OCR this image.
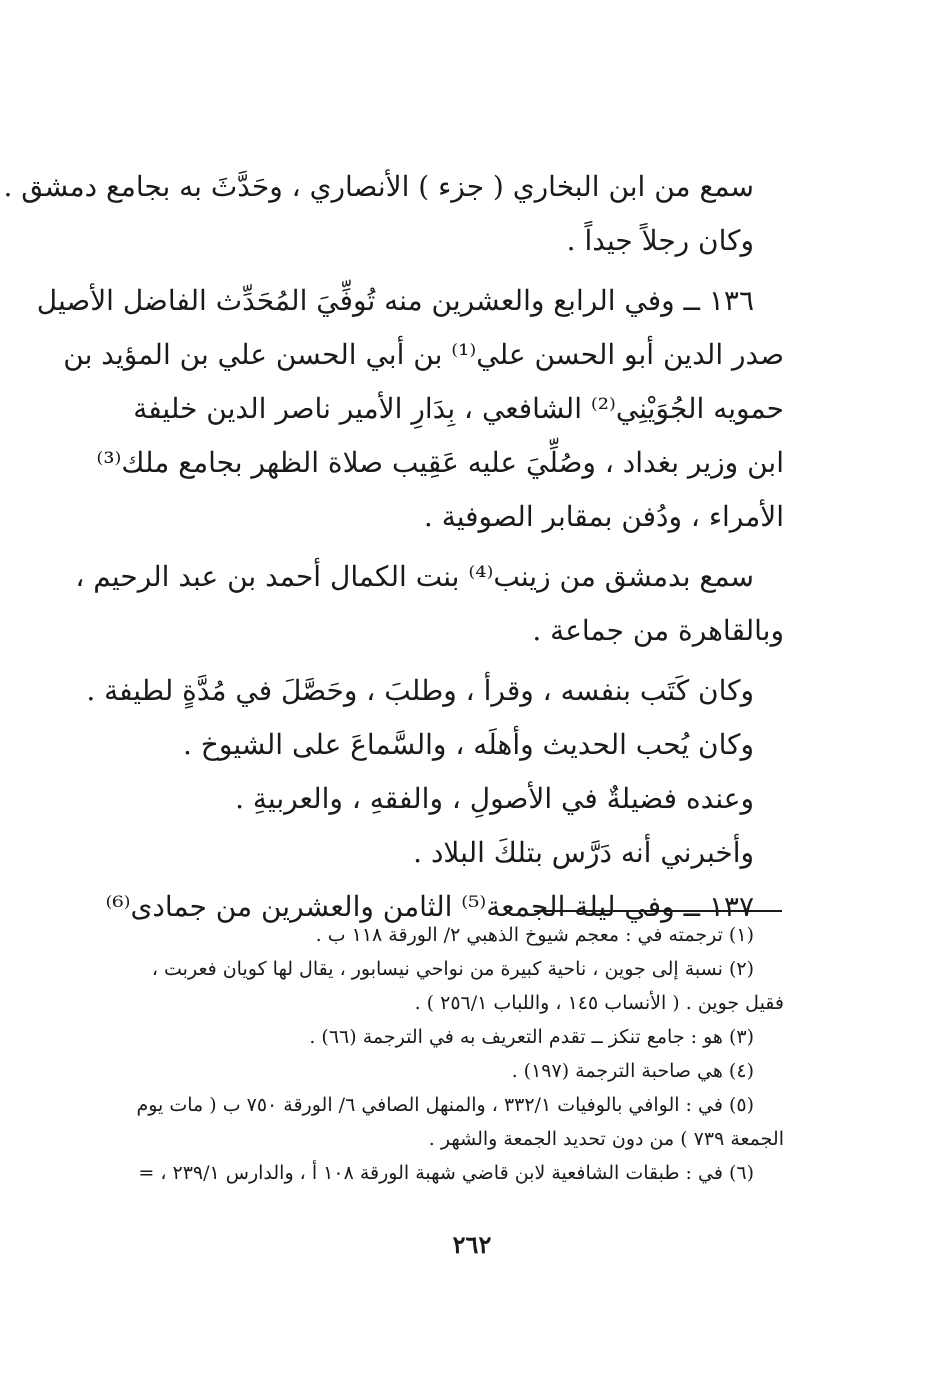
سمع من ابن البخاري ( جزء ) الأنصاري ، وحَدَّثَ به بجامع دمشق .
وكان رجلاً جيداً .
١٣٦ ــ وفي الرابع والعشرين منه تُوفِّيَ المُحَدِّث الفاضل الأصيل
صدر الدين أبو الحسن علي⁽¹⁾ بن أبي الحسن علي بن المؤيد بن
حمويه الجُوَيْنِي⁽²⁾ الشافعي ، بِدَارِ الأمير ناصر الدين خليفة
ابن وزير بغداد ، وصُلِّيَ عليه عَقِيب صلاة الظهر بجامع ملك⁽³⁾
الأمراء ، ودُفن بمقابر الصوفية .
سمع بدمشق من زينب⁽⁴⁾ بنت الكمال أحمد بن عبد الرحيم ،
وبالقاهرة من جماعة .
وكان كَتَب بنفسه ، وقرأ ، وطلبَ ، وحَصَّلَ في مُدَّةٍ لطيفة .
وكان يُحب الحديث وأهلَه ، والسَّماعَ على الشيوخ .
وعنده فضيلةٌ في الأصولِ ، والفقهِ ، والعربيةِ .
وأخبرني أنه دَرَّس بتلكَ البلاد .
١٣٧ ــ وفي ليلة الجمعة⁽⁵⁾ الثامن والعشرين من جمادى⁽⁶⁾
(١) ترجمته في : معجم شيوخ الذهبي ٢/ الورقة ١١٨ ب .
(٢) نسبة إلى جوين ، ناحية كبيرة من نواحي نيسابور ، يقال لها كويان فعربت ،
فقيل جوين . ( الأنساب ١٤٥ ، واللباب ٢٥٦/١ ) .
(٣) هو : جامع تنكز ــ تقدم التعريف به في الترجمة (٦٦) .
(٤) هي صاحبة الترجمة (١٩٧) .
(٥) في : الوافي بالوفيات ٣٣٢/١ ، والمنهل الصافي ٦/ الورقة ٧٥٠ ب ( مات يوم
الجمعة ٧٣٩ ) من دون تحديد الجمعة والشهر .
(٦) في : طبقات الشافعية لابن قاضي شهبة الورقة ١٠٨ أ ، والدارس ٢٣٩/١ ، =
٢٦٢
